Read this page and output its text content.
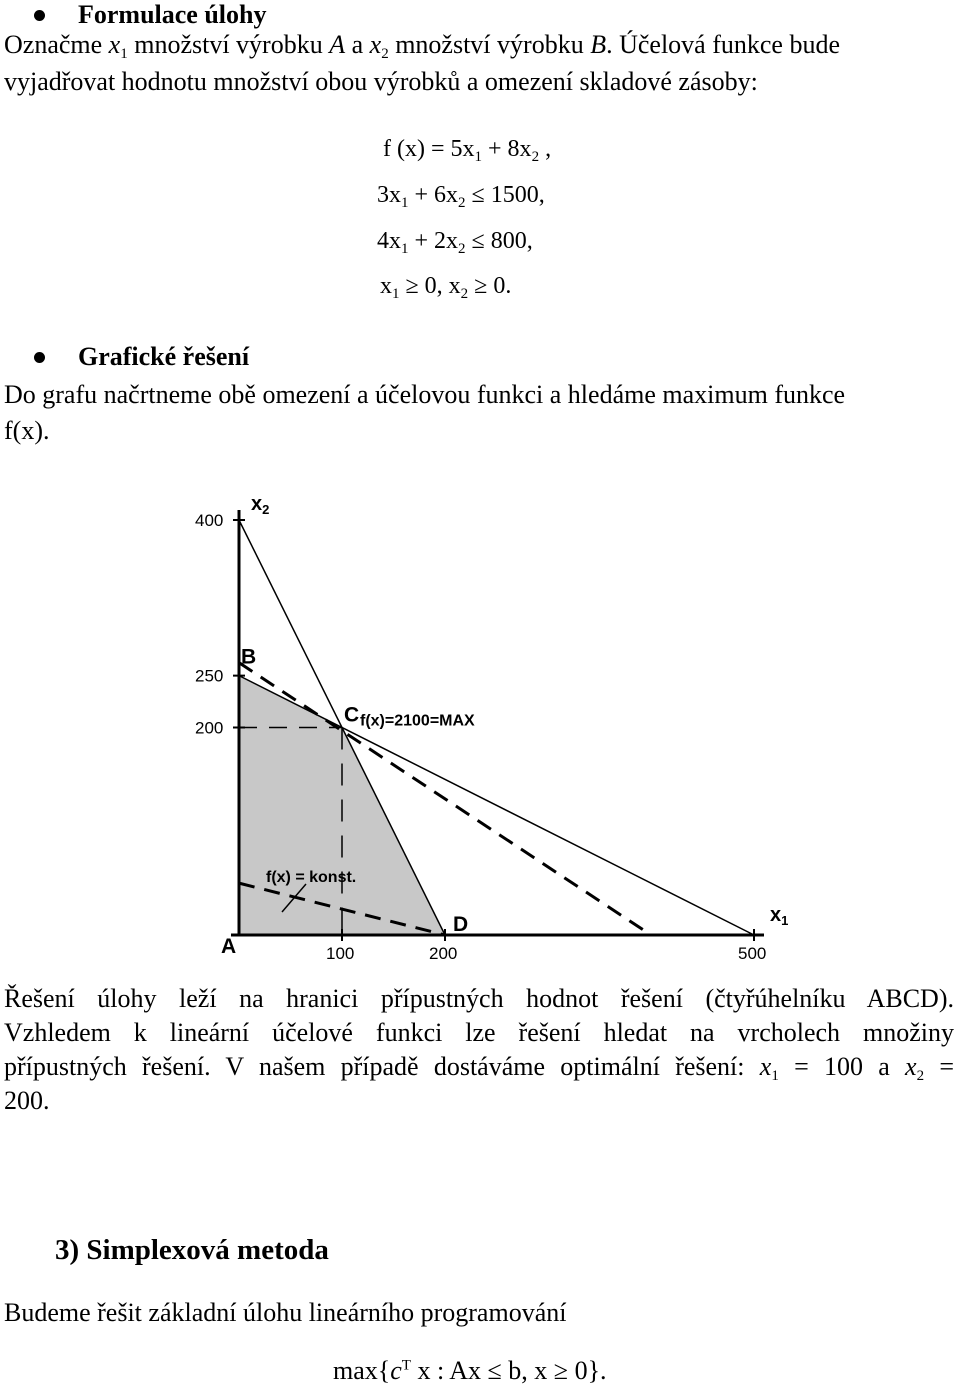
Formulace úlohy
Označme $x_1$ množství výrobku A a $x_2$ množství výrobku B. Účelová funkce bude
vyjadřovat hodnotu množství obou výrobků a omezení skladové zásoby:
f $(x) = 5x_1 + 8x_2$ ,
$3x_1 + 6x_2 \le 1500$,
$4x_1 + 2x_2 \le 800$,
$x_1 \ge 0$, $x_2 \ge 0$.
Grafické řešení
Do grafu načrtneme obě omezení a účelovou funkci a hledáme maximum funkce
f(x).
100	200	500
400
250
200
$x_2$
$x_1$
A
B
C
D
f(x)=2100=MAX
f(x) = konst.
Řešení úlohy leží na hranici přípustných hodnot řešení (čtyřúhelníku ABCD).
Vzhledem k lineární účelové funkci lze řešení hledat na vrcholech množiny
přípustných řešení. V našem případě dostáváme optimální řešení: $x_1 = 100$ a $x_2$ =
200.
3) Simplexová metoda
Budeme řešit základní úlohu lineárního programování
$\max\{c^T$ x : Ax ≤ b, x ≥ 0}.
